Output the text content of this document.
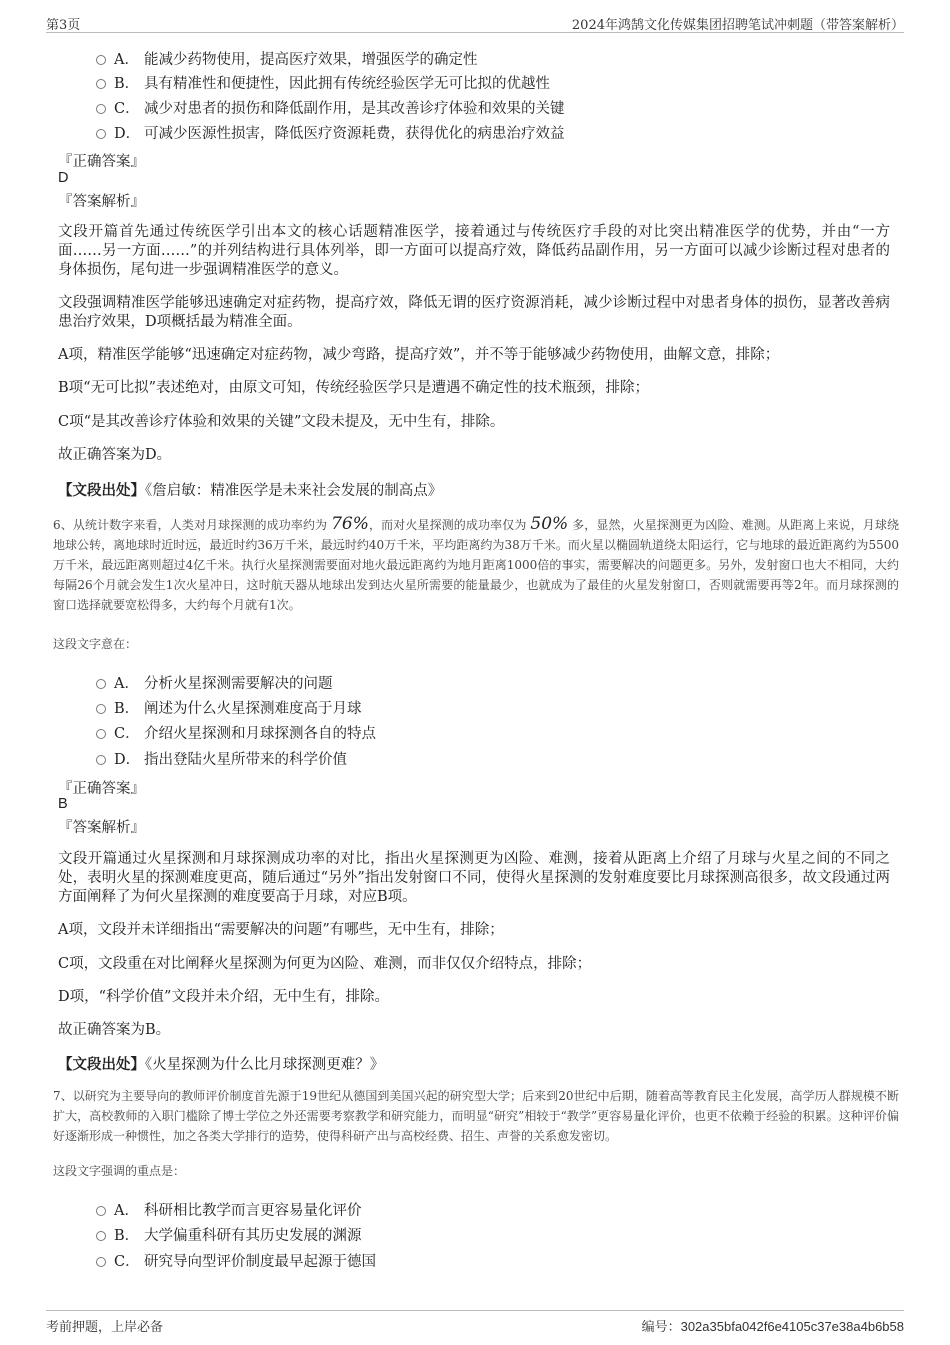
第3页	2024年鸿鹄文化传媒集团招聘笔试冲刺题（带答案解析）
A． 能减少药物使用，提高医疗效果，增强医学的确定性
B． 具有精准性和便捷性，因此拥有传统经验医学无可比拟的优越性
C． 减少对患者的损伤和降低副作用，是其改善诊疗体验和效果的关键
D． 可减少医源性损害，降低医疗资源耗费，获得优化的病患治疗效益
『正确答案』
D
『答案解析』
文段开篇首先通过传统医学引出本文的核心话题精准医学，接着通过与传统医疗手段的对比突出精准医学的优势，并由“一方面……另一方面……”的并列结构进行具体列举，即一方面可以提高疗效，降低药品副作用，另一方面可以减少诊断过程对患者的身体损伤，尾句进一步强调精准医学的意义。
文段强调精准医学能够迅速确定对症药物，提高疗效，降低无谓的医疗资源消耗，减少诊断过程中对患者身体的损伤，显著改善病患治疗效果，D项概括最为精准全面。
A项，精准医学能够“迅速确定对症药物，减少弯路，提高疗效”，并不等于能够减少药物使用，曲解文意，排除；
B项“无可比拟”表述绝对，由原文可知，传统经验医学只是遭遇不确定性的技术瓶颈，排除；
C项“是其改善诊疗体验和效果的关键”文段未提及，无中生有，排除。
故正确答案为D。
【文段出处】《詹启敏：精准医学是未来社会发展的制高点》
6、从统计数字来看，人类对月球探测的成功率约为 76%，而对火星探测的成功率仅为 50% 多，显然，火星探测更为凶险、难测。从距离上来说，月球绕地球公转，离地球时近时远，最近时约36万千米，最远时约40万千米，平均距离约为38万千米。而火星以椭圆轨道绕太阳运行，它与地球的最近距离约为5500万千米，最远距离则超过4亿千米。执行火星探测需要面对地火最远距离约为地月距离1000倍的事实，需要解决的问题更多。另外，发射窗口也大不相同，大约每隔26个月就会发生1次火星冲日，这时航天器从地球出发到达火星所需要的能量最少，也就成为了最佳的火星发射窗口，否则就需要再等2年。而月球探测的窗口选择就要宽松得多，大约每个月就有1次。
这段文字意在：
A． 分析火星探测需要解决的问题
B． 阐述为什么火星探测难度高于月球
C． 介绍火星探测和月球探测各自的特点
D． 指出登陆火星所带来的科学价值
『正确答案』
B
『答案解析』
文段开篇通过火星探测和月球探测成功率的对比，指出火星探测更为凶险、难测，接着从距离上介绍了月球与火星之间的不同之处，表明火星的探测难度更高，随后通过“另外”指出发射窗口不同，使得火星探测的发射难度要比月球探测高很多，故文段通过两方面阐释了为何火星探测的难度要高于月球，对应B项。
A项，文段并未详细指出“需要解决的问题”有哪些，无中生有，排除；
C项，文段重在对比阐释火星探测为何更为凶险、难测，而非仅仅介绍特点，排除；
D项，“科学价值”文段并未介绍，无中生有，排除。
故正确答案为B。
【文段出处】《火星探测为什么比月球探测更难？》
7、以研究为主要导向的教师评价制度首先源于19世纪从德国到美国兴起的研究型大学；后来到20世纪中后期，随着高等教育民主化发展，高学历人群规模不断扩大，高校教师的入职门槛除了博士学位之外还需要考察教学和研究能力，而明显“研究”相较于“教学”更容易量化评价，也更不依赖于经验的积累。这种评价偏好逐渐形成一种惯性，加之各类大学排行的造势，使得科研产出与高校经费、招生、声誉的关系愈发密切。
这段文字强调的重点是：
A． 科研相比教学而言更容易量化评价
B． 大学偏重科研有其历史发展的渊源
C． 研究导向型评价制度最早起源于德国
考前押题，上岸必备	编号：302a35bfa042f6e4105c37e38a4b6b58
